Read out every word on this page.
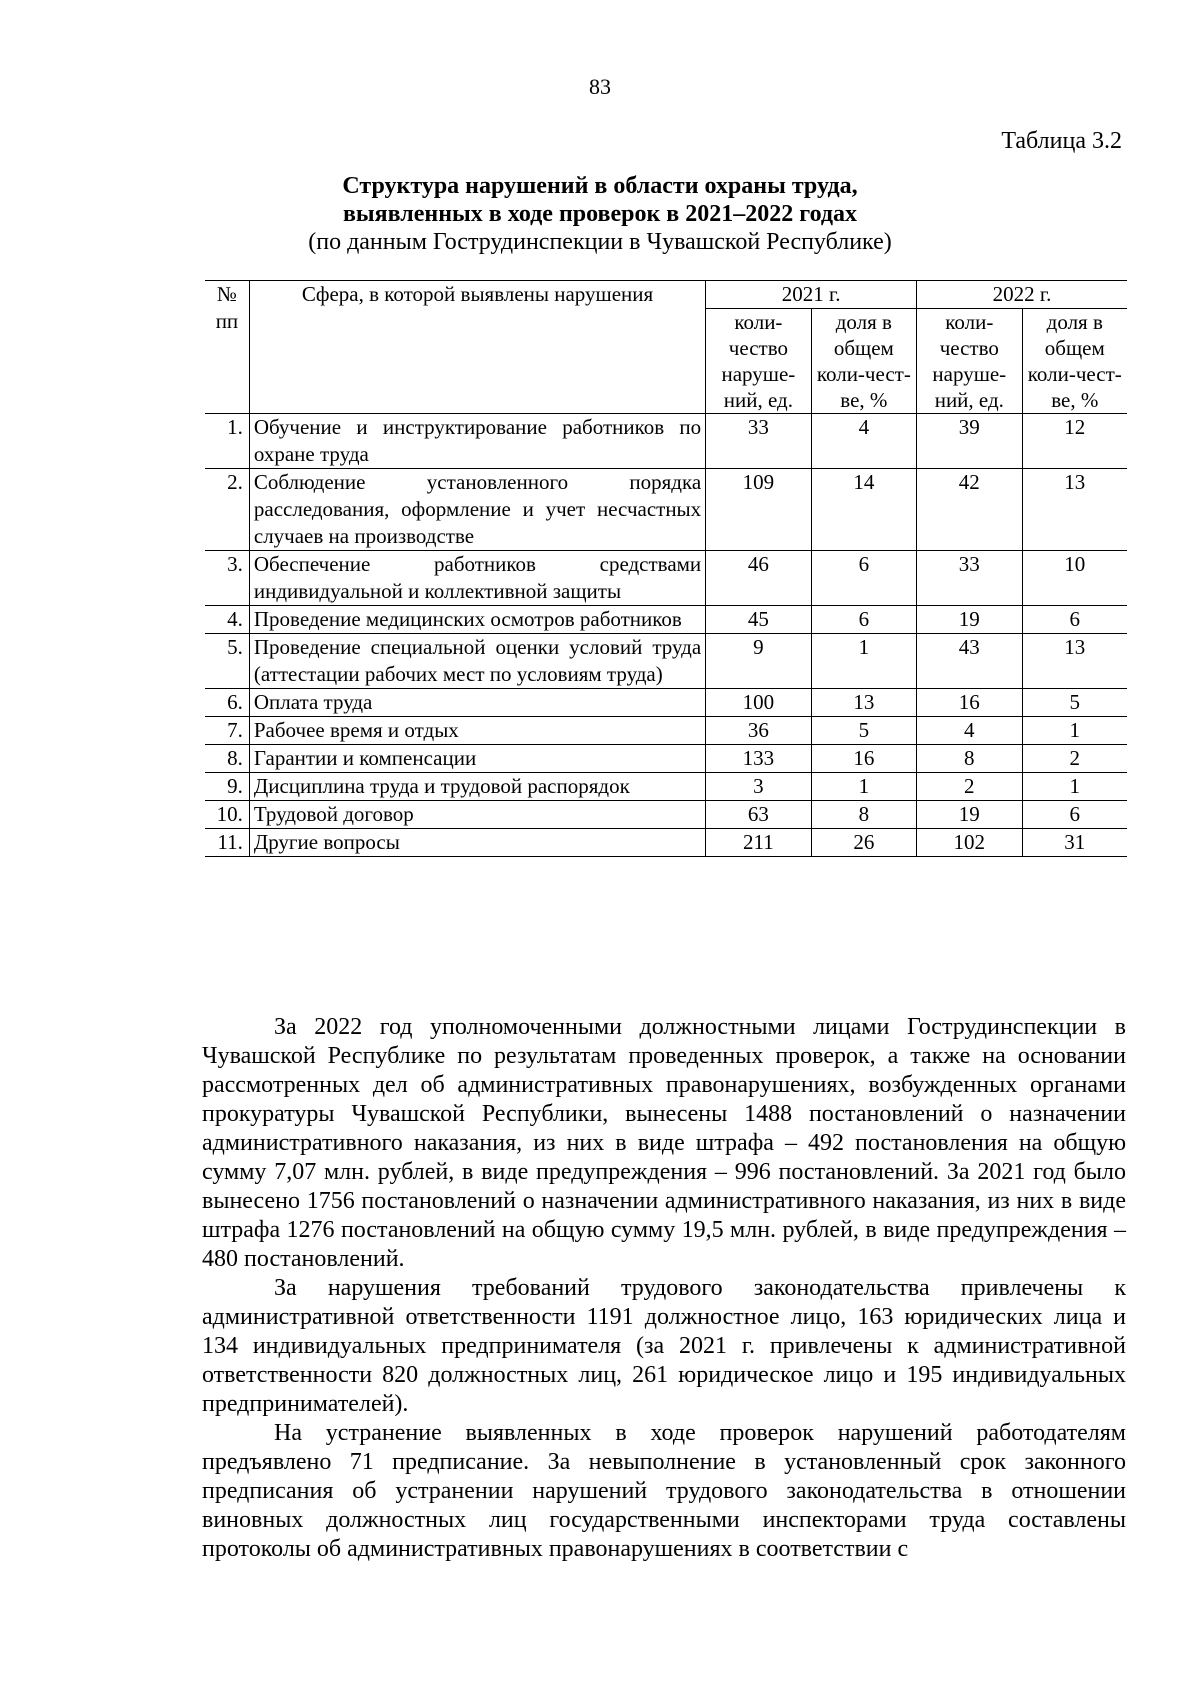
83
Таблица 3.2
Структура нарушений в области охраны труда,
выявленных в ходе проверок в 2021–2022 годах
(по данным Гострудинспекции в Чувашской Республике)
№ пп	Сфера, в которой выявлены нарушения	2021 г.		2022 г.	
		коли-чество наруше-ний, ед.	доля в общем коли-чест-ве, %	коли-чество наруше-ний, ед.	доля в общем коли-чест-ве, %
1.	Обучение и инструктирование работников по охране труда	33	4	39	12
2.	Соблюдение установленного порядка расследования, оформление и учет несчастных случаев на производстве	109	14	42	13
3.	Обеспечение работников средствами индивидуальной и коллективной защиты	46	6	33	10
4.	Проведение медицинских осмотров работников	45	6	19	6
5.	Проведение специальной оценки условий труда (аттестации рабочих мест по условиям труда)	9	1	43	13
6.	Оплата труда	100	13	16	5
7.	Рабочее время и отдых	36	5	4	1
8.	Гарантии и компенсации	133	16	8	2
9.	Дисциплина труда и трудовой распорядок	3	1	2	1
10.	Трудовой договор	63	8	19	6
11.	Другие вопросы	211	26	102	31

За 2022 год уполномоченными должностными лицами Гострудинспекции в Чувашской Республике по результатам проведенных проверок, а также на основании рассмотренных дел об административных правонарушениях, возбужденных органами прокуратуры Чувашской Республики, вынесены 1488 постановлений о назначении административного наказания, из них в виде штрафа – 492 постановления на общую сумму 7,07 млн. рублей, в виде предупреждения – 996 постановлений. За 2021 год было вынесено 1756 постановлений о назначении административного наказания, из них в виде штрафа 1276 постановлений на общую сумму 19,5 млн. рублей, в виде предупреждения – 480 постановлений.

За нарушения требований трудового законодательства привлечены к административной ответственности 1191 должностное лицо, 163 юридических лица и 134 индивидуальных предпринимателя (за 2021 г. привлечены к административной ответственности 820 должностных лиц, 261 юридическое лицо и 195 индивидуальных предпринимателей).

На устранение выявленных в ходе проверок нарушений работодателям предъявлено 71 предписание. За невыполнение в установленный срок законного предписания об устранении нарушений трудового законодательства в отношении виновных должностных лиц государственными инспекторами труда составлены протоколы об административных правонарушениях в соответствии с
